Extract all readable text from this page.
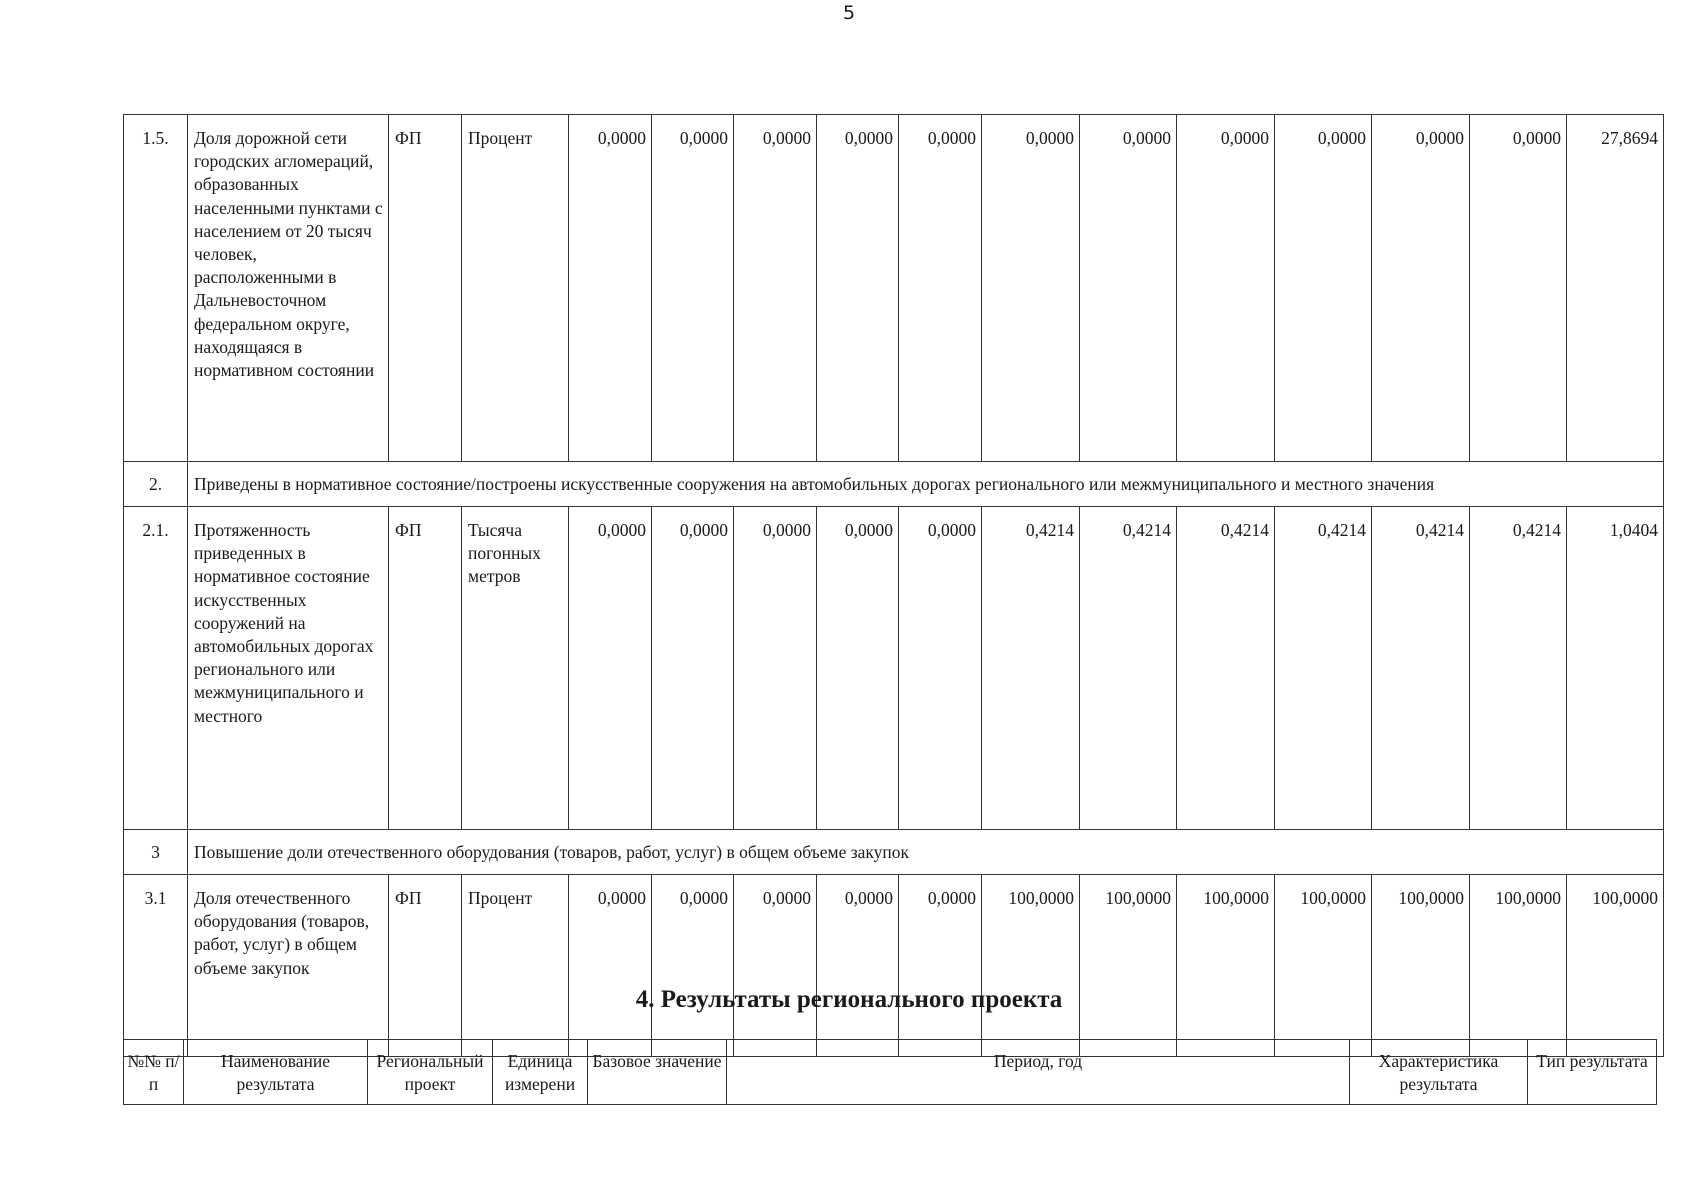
5
1.5.	Доля дорожной сети городских агломераций, образованных населенными пунктами с населением от 20 тысяч человек, расположенными в Дальневосточном федеральном округе, находящаяся в нормативном состоянии	ФП	Процент	0,0000	0,0000	0,0000	0,0000	0,0000	0,0000	0,0000	0,0000	0,0000	0,0000	0,0000	27,8694
2.	Приведены в нормативное состояние/построены искусственные сооружения на автомобильных дорогах регионального или межмуниципального и местного значения														
2.1.	Протяженность приведенных в нормативное состояние искусственных сооружений на автомобильных дорогах регионального или межмуниципального и местного	ФП	Тысяча погонных метров	0,0000	0,0000	0,0000	0,0000	0,0000	0,4214	0,4214	0,4214	0,4214	0,4214	0,4214	1,0404
3	Повышение доли отечественного оборудования (товаров, работ, услуг) в общем объеме закупок														
3.1	Доля отечественного оборудования (товаров, работ, услуг) в общем объеме закупок	ФП	Процент	0,0000	0,0000	0,0000	0,0000	0,0000	100,0000	100,0000	100,0000	100,0000	100,0000	100,0000	100,0000
4. Результаты регионального проекта
№№ п/п	Наименование результата	Региональный проект	Единица измерени	Базовое значение	Период, год	Характеристика результата	Тип результата
